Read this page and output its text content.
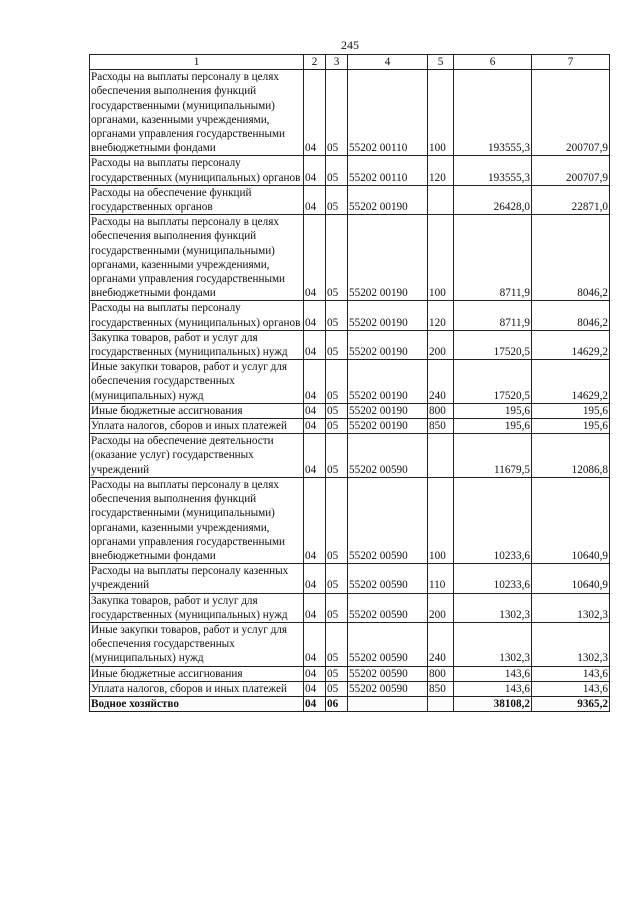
245
1	2	3	4	5	6	7
Расходы на выплаты персоналу в целях обеспечения выполнения функций государственными (муниципальными) органами, казенными учреждениями, органами управления государственными внебюджетными фондами	04	05	55202 00110	100	193555,3	200707,9
Расходы на выплаты персоналу государственных (муниципальных) органов	04	05	55202 00110	120	193555,3	200707,9
Расходы на обеспечение функций государственных органов	04	05	55202 00190		26428,0	22871,0
Расходы на выплаты персоналу в целях обеспечения выполнения функций государственными (муниципальными) органами, казенными учреждениями, органами управления государственными внебюджетными фондами	04	05	55202 00190	100	8711,9	8046,2
Расходы на выплаты персоналу государственных (муниципальных) органов	04	05	55202 00190	120	8711,9	8046,2
Закупка товаров, работ и услуг для государственных (муниципальных) нужд	04	05	55202 00190	200	17520,5	14629,2
Иные закупки товаров, работ и услуг для обеспечения государственных (муниципальных) нужд	04	05	55202 00190	240	17520,5	14629,2
Иные бюджетные ассигнования	04	05	55202 00190	800	195,6	195,6
Уплата налогов, сборов и иных платежей	04	05	55202 00190	850	195,6	195,6
Расходы на обеспечение деятельности (оказание услуг) государственных учреждений	04	05	55202 00590		11679,5	12086,8
Расходы на выплаты персоналу в целях обеспечения выполнения функций государственными (муниципальными) органами, казенными учреждениями, органами управления государственными внебюджетными фондами	04	05	55202 00590	100	10233,6	10640,9
Расходы на выплаты персоналу казенных учреждений	04	05	55202 00590	110	10233,6	10640,9
Закупка товаров, работ и услуг для государственных (муниципальных) нужд	04	05	55202 00590	200	1302,3	1302,3
Иные закупки товаров, работ и услуг для обеспечения государственных (муниципальных) нужд	04	05	55202 00590	240	1302,3	1302,3
Иные бюджетные ассигнования	04	05	55202 00590	800	143,6	143,6
Уплата налогов, сборов и иных платежей	04	05	55202 00590	850	143,6	143,6
Водное хозяйство	04	06			38108,2	9365,2
